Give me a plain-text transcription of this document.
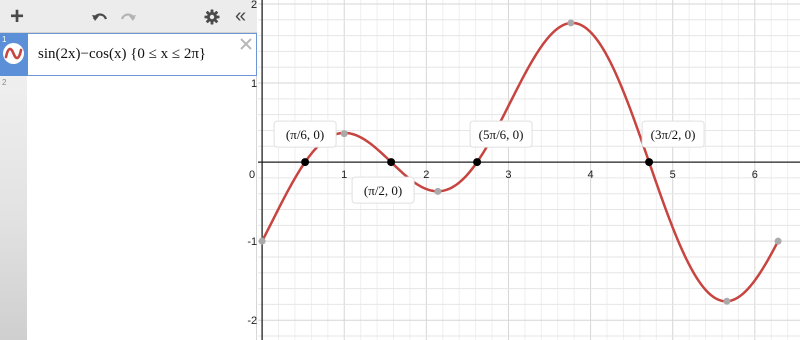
+	«
1
sin(2x)−cos(x) {0 ≤ x ≤ 2π}
2
0	1	2	3	4	5	6
2
1
-1
-2
(π/6, 0)
(π/2, 0)
(5π/6, 0)	(3π/2, 0)
